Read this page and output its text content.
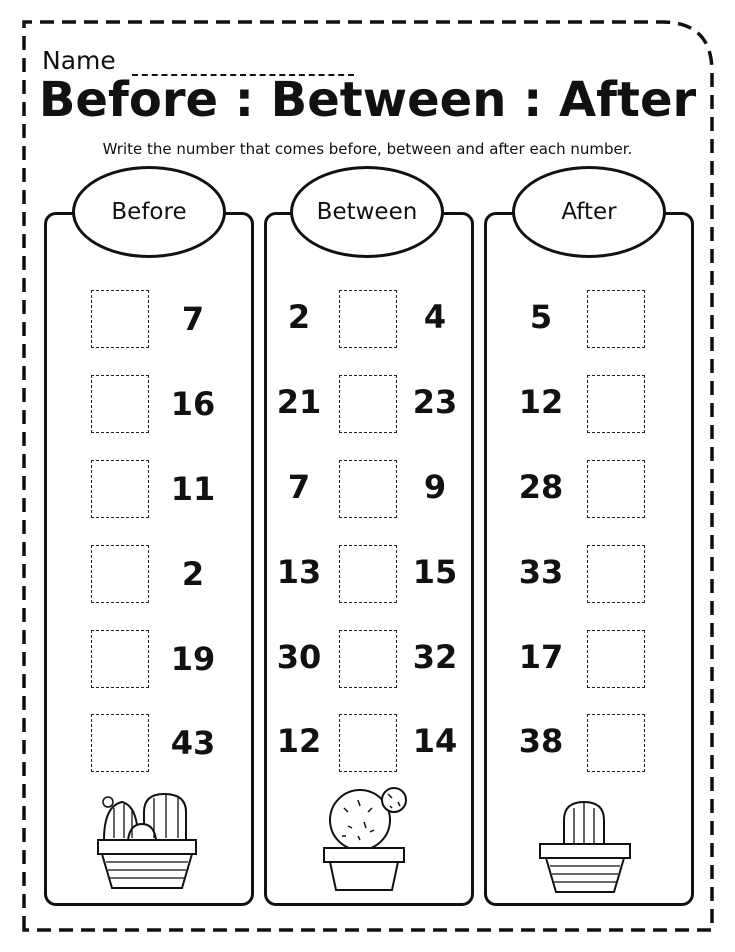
Name
Before : Between : After
Write the number that comes before, between and after each number.
Before	Between	After
7
16
11
2
19
43
2	4
21	23
7	9
13	15
30	32
12	14
5
12
28
33
17
38
